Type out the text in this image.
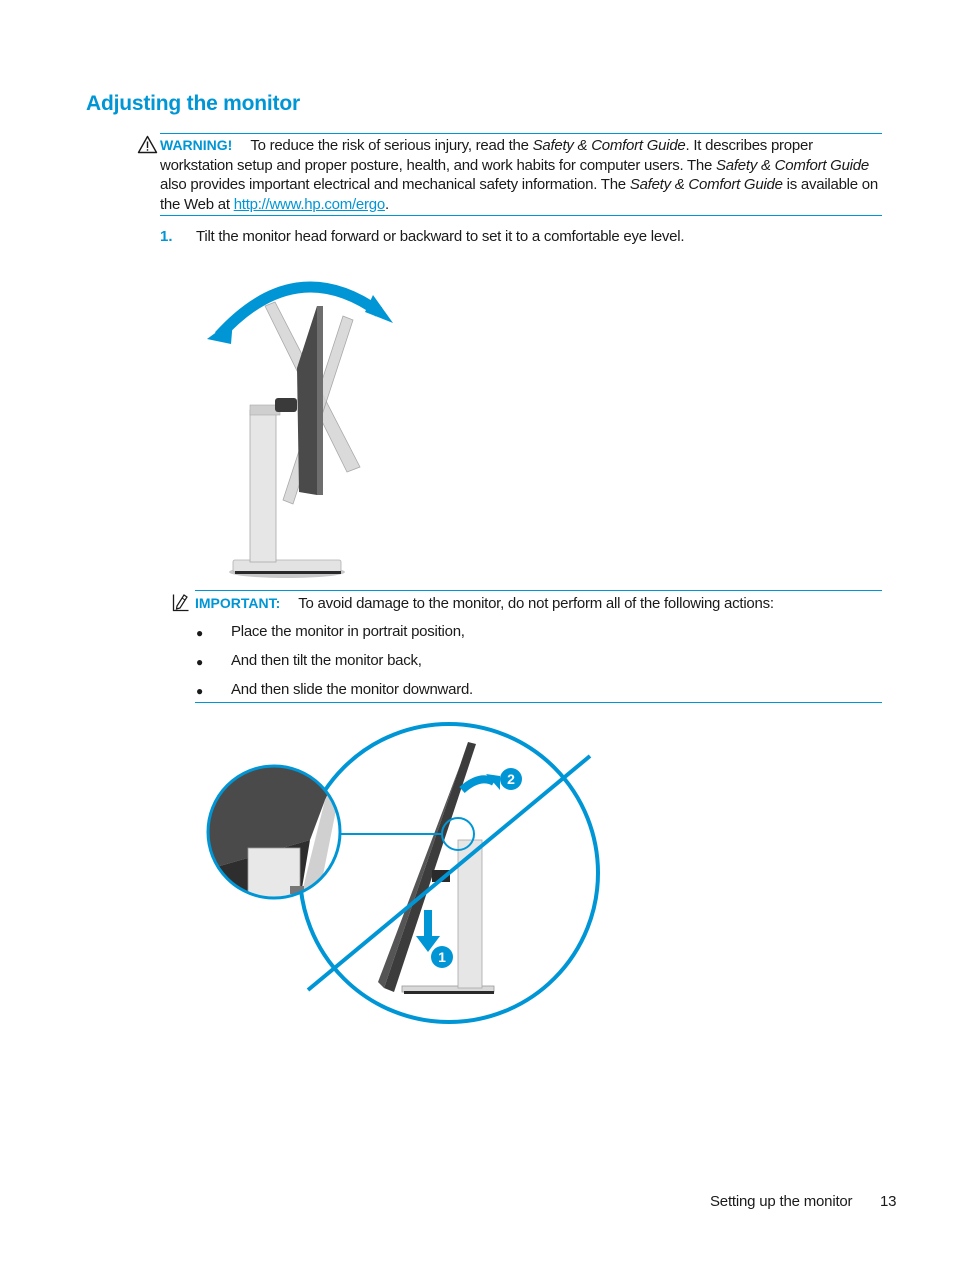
Adjusting the monitor
WARNING! To reduce the risk of serious injury, read the Safety & Comfort Guide. It describes proper workstation setup and proper posture, health, and work habits for computer users. The Safety & Comfort Guide also provides important electrical and mechanical safety information. The Safety & Comfort Guide is available on the Web at http://www.hp.com/ergo.
1. Tilt the monitor head forward or backward to set it to a comfortable eye level.
IMPORTANT: To avoid damage to the monitor, do not perform all of the following actions:
● Place the monitor in portrait position,
● And then tilt the monitor back,
● And then slide the monitor downward.
2
1
Setting up the monitor 13
